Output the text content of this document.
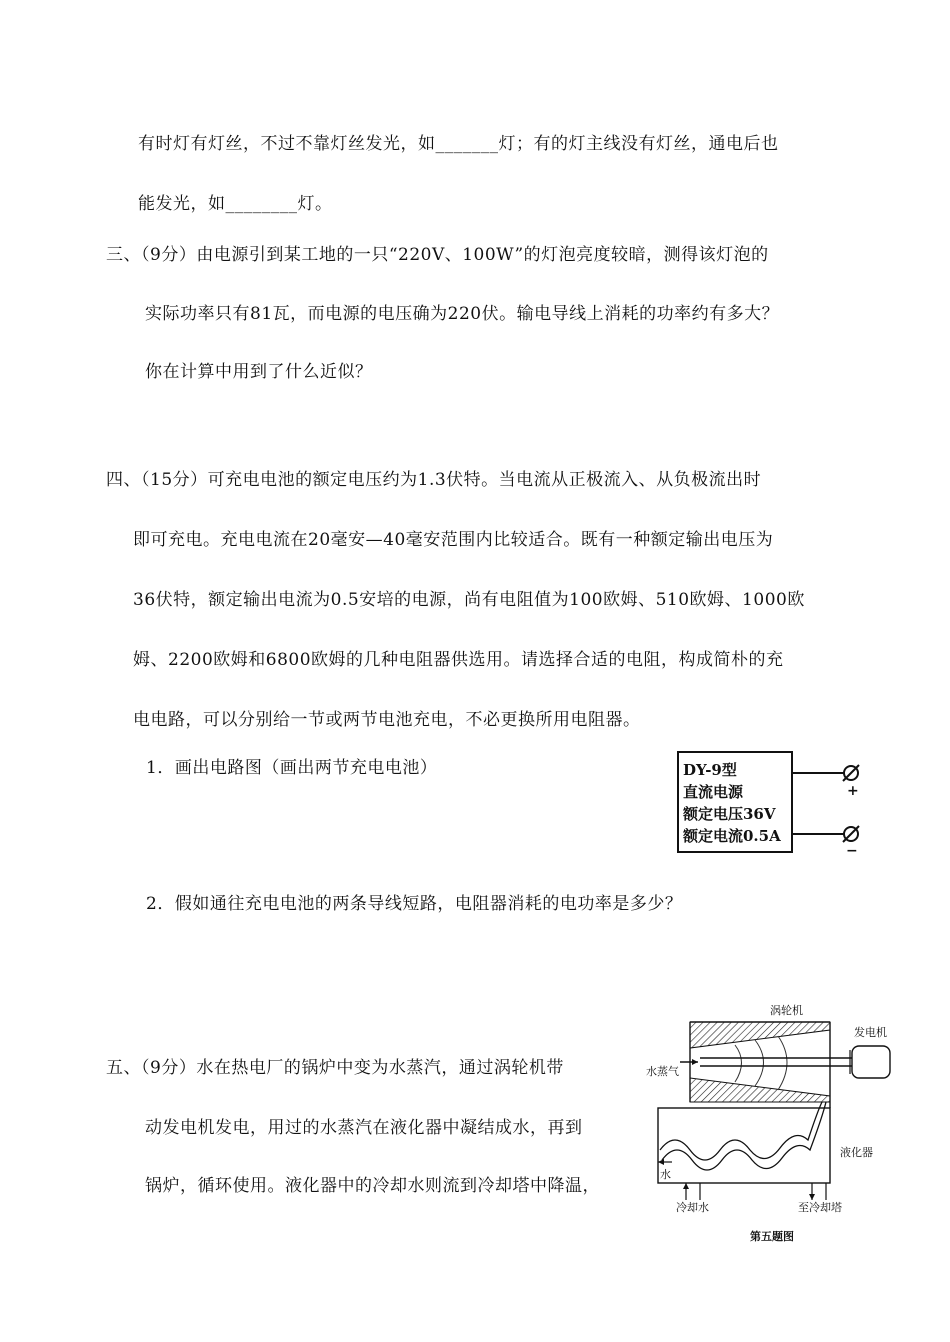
有时灯有灯丝，不过不靠灯丝发光，如_______灯；有的灯主线没有灯丝，通电后也
能发光，如________灯。
三、（9分）由电源引到某工地的一只“220V、100W”的灯泡亮度较暗，测得该灯泡的
实际功率只有81瓦，而电源的电压确为220伏。输电导线上消耗的功率约有多大？
你在计算中用到了什么近似？
四、（15分）可充电电池的额定电压约为1.3伏特。当电流从正极流入、从负极流出时
即可充电。充电电流在20毫安—40毫安范围内比较适合。既有一种额定输出电压为
36伏特，额定输出电流为0.5安培的电源，尚有电阻值为100欧姆、510欧姆、1000欧
姆、2200欧姆和6800欧姆的几种电阻器供选用。请选择合适的电阻，构成简朴的充
电电路，可以分别给一节或两节电池充电，不必更换所用电阻器。
1．画出电路图（画出两节充电电池）
2．假如通往充电电池的两条导线短路，电阻器消耗的电功率是多少？
五、（9分）水在热电厂的锅炉中变为水蒸汽，通过涡轮机带
动发电机发电，用过的水蒸汽在液化器中凝结成水，再到
锅炉，循环使用。液化器中的冷却水则流到冷却塔中降温，
DY-9型
直流电源
额定电压36V
额定电流0.5A
+
−
涡轮机
发电机
水蒸气
水
液化器
冷却水	至冷却塔
第五题图
